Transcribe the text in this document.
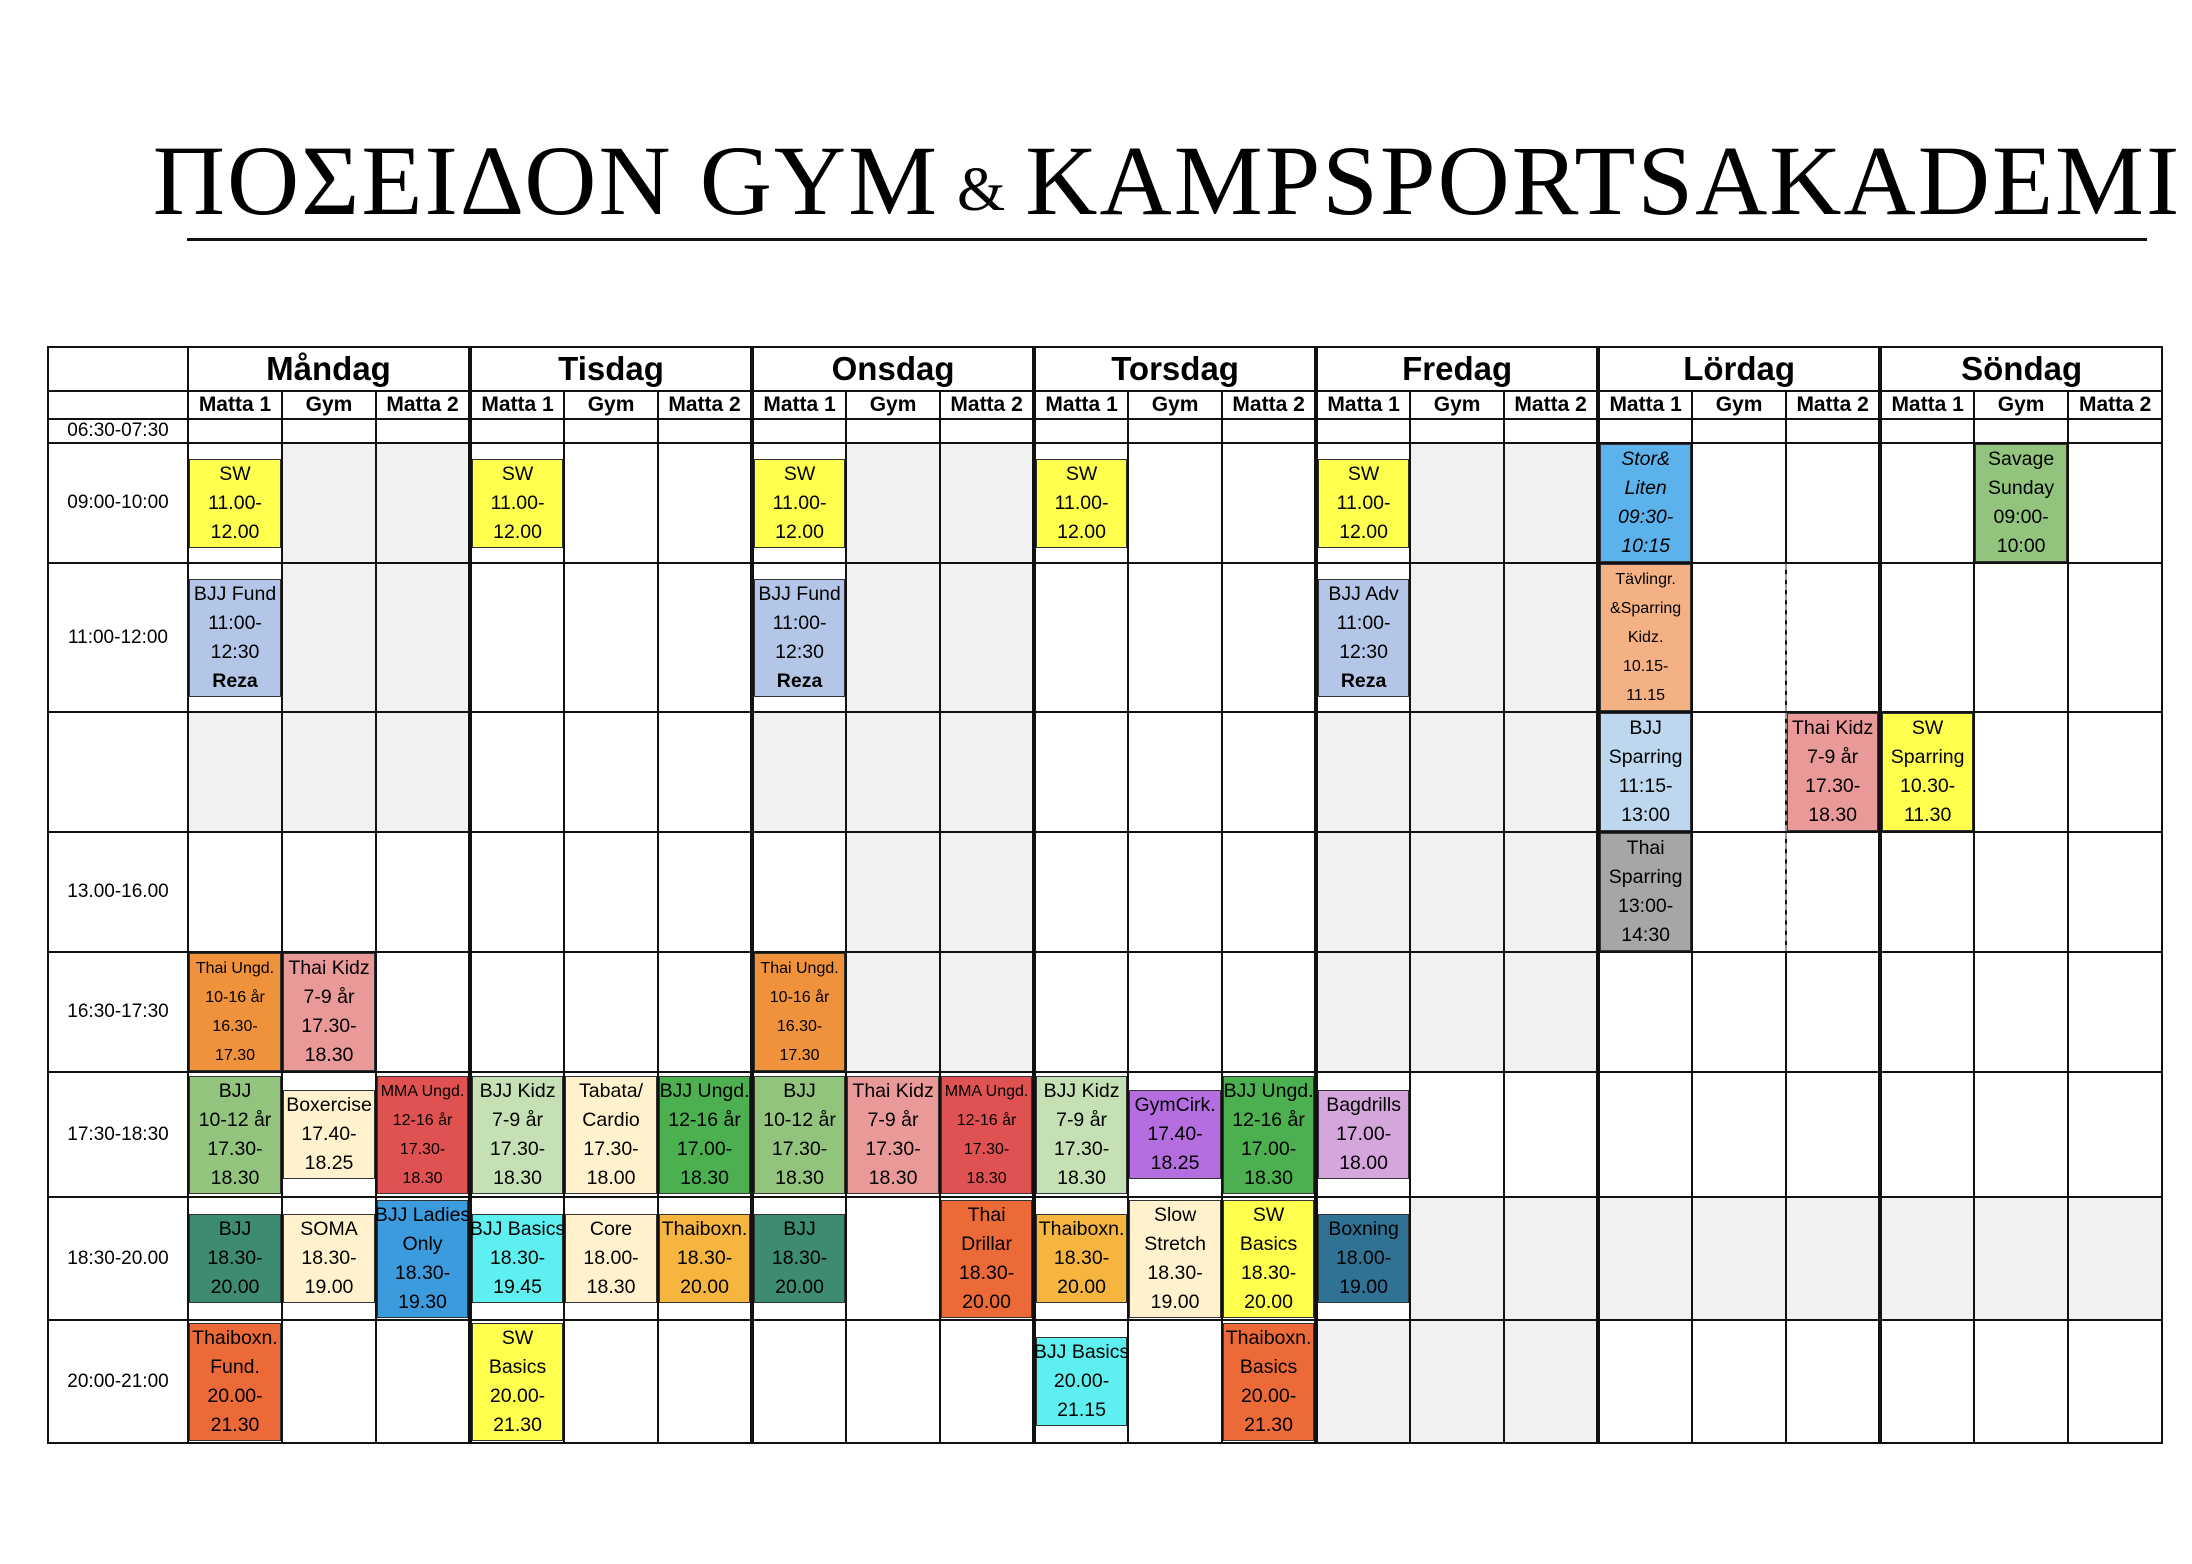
ΠΟΣΕΙΔΟΝ GYM & KAMPSPORTSAKADEMI
	Måndag			Tisdag			Onsdag			Torsdag			Fredag			Lördag			Söndag		
	Matta 1	Gym	Matta 2	Matta 1	Gym	Matta 2	Matta 1	Gym	Matta 2	Matta 1	Gym	Matta 2	Matta 1	Gym	Matta 2	Matta 1	Gym	Matta 2	Matta 1	Gym	Matta 2
06:30-07:30																					
09:00-10:00	SW
11.00-
12.00			SW
11.00-
12.00			SW
11.00-
12.00			SW
11.00-
12.00			SW
11.00-
12.00			Stor&
Liten
09:30-
10:15				Savage
Sunday
09:00-
10:00	

11:00-12:00	BJJ Fund
11:00-
12:30
Reza						BJJ Fund
11:00-
12:30
Reza						BJJ Adv
11:00-
12:30
Reza			Tävlingr.
&Sparring
Kidz.
10.15-
11.15					

																BJJ
Sparring
11:15-
13:00		Thai Kidz
7-9 år
17.30-
18.30	SW
Sparring
10.30-
11.30		

13.00-16.00																Thai
Sparring
13:00-
14:30					

16:30-17:30	Thai Ungd.
10-16 år
16.30-
17.30	Thai Kidz
7-9 år
17.30-
18.30					Thai Ungd.
10-16 år
16.30-
17.30														

17:30-18:30	BJJ
10-12 år
17.30-
18.30	Boxercise
17.40-
18.25	MMA Ungd.
12-16 år
17.30-
18.30	BJJ Kidz
7-9 år
17.30-
18.30	Tabata/
Cardio
17.30-
18.00	BJJ Ungd.
12-16 år
17.00-
18.30	BJJ
10-12 år
17.30-
18.30	Thai Kidz
7-9 år
17.30-
18.30	MMA Ungd.
12-16 år
17.30-
18.30	BJJ Kidz
7-9 år
17.30-
18.30	GymCirk.
17.40-
18.25	BJJ Ungd.
12-16 år
17.00-
18.30	Bagdrills
17.00-
18.00								

18:30-20.00	BJJ
18.30-
20.00	SOMA
18.30-
19.00	BJJ Ladies
Only
18.30-
19.30	BJJ Basics
18.30-
19.45	Core
18.00-
18.30	Thaiboxn.
18.30-
20.00	BJJ
18.30-
20.00		Thai
Drillar
18.30-
20.00	Thaiboxn.
18.30-
20.00	Slow
Stretch
18.30-
19.00	SW
Basics
18.30-
20.00	Boxning
18.00-
19.00								

20:00-21:00	Thaiboxn.
Fund.
20.00-
21.30			SW
Basics
20.00-
21.30						BJJ Basics
20.00-
21.15		Thaiboxn.
Basics
20.00-
21.30									
